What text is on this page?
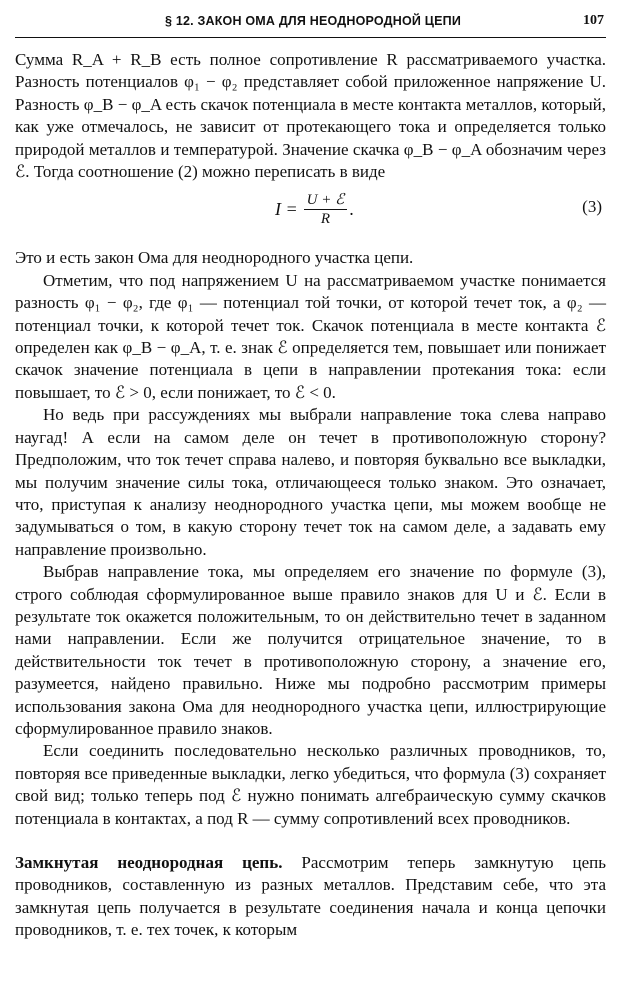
§ 12. ЗАКОН ОМА ДЛЯ НЕОДНОРОДНОЙ ЦЕПИ	107

Сумма R_A + R_B есть полное сопротивление R рассматриваемого участка. Разность потенциалов φ₁ − φ₂ представляет собой приложенное напряжение U. Разность φ_B − φ_A есть скачок потенциала в месте контакта металлов, который, как уже отмечалось, не зависит от протекающего тока и определяется только природой металлов и температурой. Значение скачка φ_B − φ_A обозначим через ℰ. Тогда соотношение (2) можно переписать в виде

$I = \frac{\text{U + ℰ}}{R}$ .	(3)

Это и есть закон Ома для неоднородного участка цепи.

Отметим, что под напряжением U на рассматриваемом участке понимается разность φ₁ − φ₂, где φ₁ — потенциал той точки, от которой течет ток, а φ₂ — потенциал точки, к которой течет ток. Скачок потенциала в месте контакта ℰ определен как φ_B − φ_A, т. е. знак ℰ определяется тем, повышает или понижает скачок значение потенциала в цепи в направлении протекания тока: если повышает, то ℰ > 0, если понижает, то ℰ < 0.

Но ведь при рассуждениях мы выбрали направление тока слева направо наугад! А если на самом деле он течет в противоположную сторону? Предположим, что ток течет справа налево, и повторяя буквально все выкладки, мы получим значение силы тока, отличающееся только знаком. Это означает, что, приступая к анализу неоднородного участка цепи, мы можем вообще не задумываться о том, в какую сторону течет ток на самом деле, а задавать ему направление произвольно.

Выбрав направление тока, мы определяем его значение по формуле (3), строго соблюдая сформулированное выше правило знаков для U и ℰ. Если в результате ток окажется положительным, то он действительно течет в заданном нами направлении. Если же получится отрицательное значение, то в действительности ток течет в противоположную сторону, а значение его, разумеется, найдено правильно. Ниже мы подробно рассмотрим примеры использования закона Ома для неоднородного участка цепи, иллюстрирующие сформулированное правило знаков.

Если соединить последовательно несколько различных проводников, то, повторяя все приведенные выкладки, легко убедиться, что формула (3) сохраняет свой вид; только теперь под ℰ нужно понимать алгебраическую сумму скачков потенциала в контактах, а под R — сумму сопротивлений всех проводников.

Замкнутая неоднородная цепь. Рассмотрим теперь замкнутую цепь проводников, составленную из разных металлов. Представим себе, что эта замкнутая цепь получается в результате соединения начала и конца цепочки проводников, т. е. тех точек, к которым
